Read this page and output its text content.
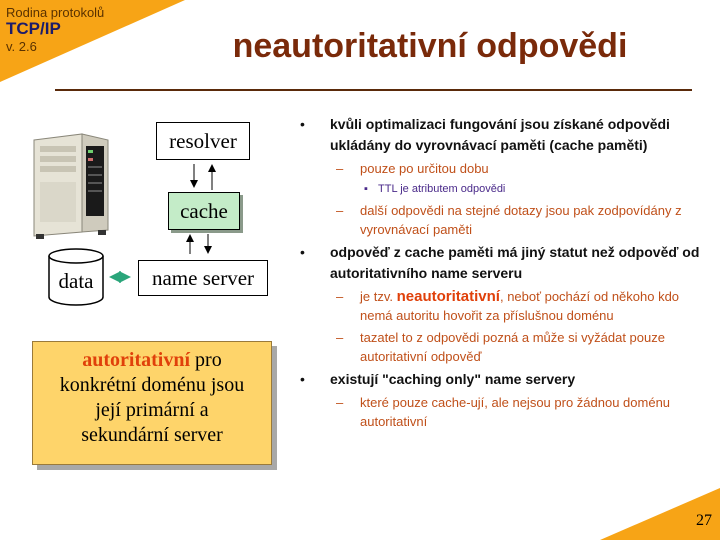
Rodina protokolů
TCP/IP
v. 2.6	neautoritativní odpovědi
resolver
cache
name server
data
autoritativní pro
konkrétní doménu jsou
její primární a
sekundární server
• kvůli optimalizaci fungování jsou získané odpovědi ukládány do vyrovnávací paměti (cache paměti)
– pouze po určitou dobu
▪ TTL je atributem odpovědi
– další odpovědi na stejné dotazy jsou pak zodpovídány z vyrovnávací paměti
• odpověď z cache paměti má jiný statut než odpověď od autoritativního name serveru
– je tzv. neautoritativní, neboť pochází od někoho kdo nemá autoritu hovořit za příslušnou doménu
– tazatel to z odpovědi pozná a může si vyžádat pouze autoritativní odpověď
• existují "caching only" name servery
– které pouze cache-ují, ale nejsou pro žádnou doménu autoritativní
27
